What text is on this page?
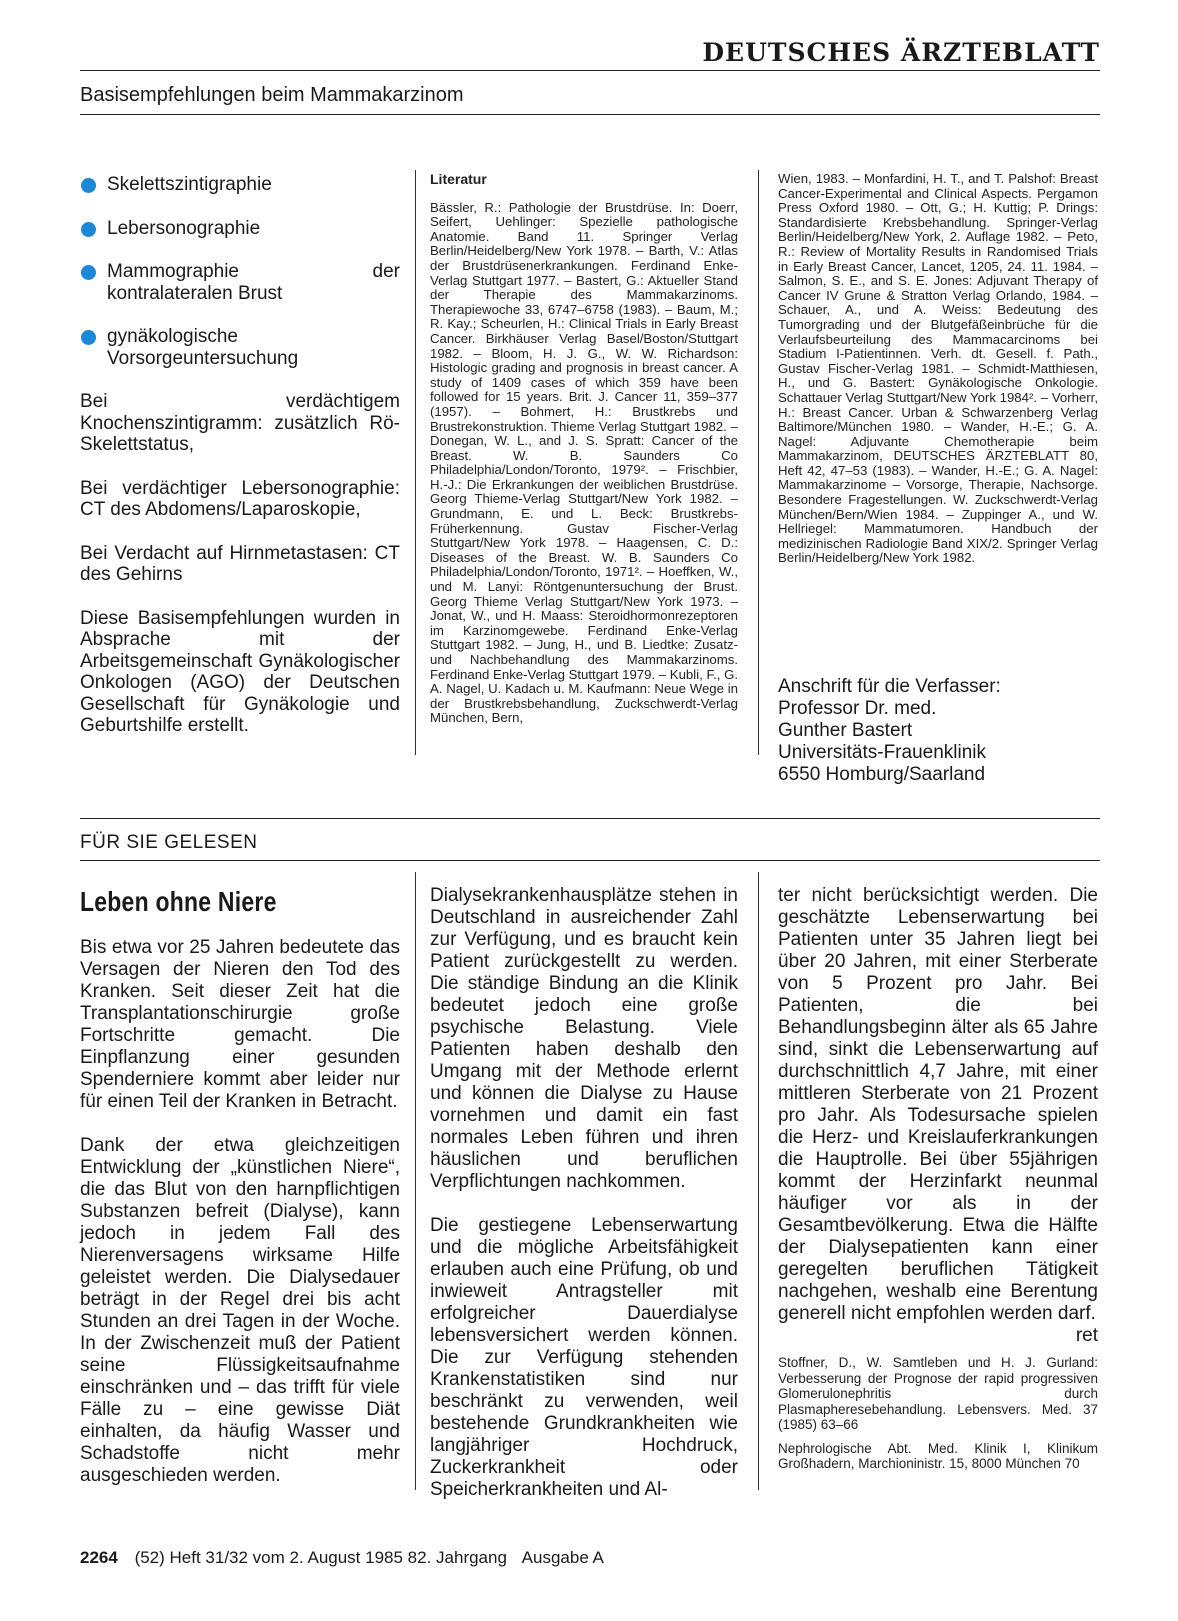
DEUTSCHES ÄRZTEBLATT
Basisempfehlungen beim Mammakarzinom
Skelettszintigraphie
Lebersonographie
Mammographie der kontralateralen Brust
gynäkologische Vorsorgeuntersuchung

Bei verdächtigem Knochenszintigramm: zusätzlich Rö-Skelettstatus,

Bei verdächtiger Lebersonographie: CT des Abdomens/Laparoskopie,

Bei Verdacht auf Hirnmetastasen: CT des Gehirns

Diese Basisempfehlungen wurden in Absprache mit der Arbeitsgemeinschaft Gynäkologischer Onkologen (AGO) der Deutschen Gesellschaft für Gynäkologie und Geburtshilfe erstellt.

Literatur
Bässler, R.: Pathologie der Brustdrüse. In: Doerr, Seifert, Uehlinger: Spezielle pathologische Anatomie. Band 11. Springer Verlag Berlin/Heidelberg/New York 1978. – Barth, V.: Atlas der Brustdrüsenerkrankungen. Ferdinand Enke-Verlag Stuttgart 1977. – Bastert, G.: Aktueller Stand der Therapie des Mammakarzinoms. Therapiewoche 33, 6747–6758 (1983). – Baum, M.; R. Kay.; Scheurlen, H.: Clinical Trials in Early Breast Cancer. Birkhäuser Verlag Basel/Boston/Stuttgart 1982. – Bloom, H. J. G., W. W. Richardson: Histologic grading and prognosis in breast cancer. A study of 1409 cases of which 359 have been followed for 15 years. Brit. J. Cancer 11, 359–377 (1957). – Bohmert, H.: Brustkrebs und Brustrekonstruktion. Thieme Verlag Stuttgart 1982. – Donegan, W. L., and J. S. Spratt: Cancer of the Breast. W. B. Saunders Co Philadelphia/London/Toronto, 1979². – Frischbier, H.-J.: Die Erkrankungen der weiblichen Brustdrüse. Georg Thieme-Verlag Stuttgart/New York 1982. – Grundmann, E. und L. Beck: Brustkrebs-Früherkennung. Gustav Fischer-Verlag Stuttgart/New York 1978. – Haagensen, C. D.: Diseases of the Breast. W. B. Saunders Co Philadelphia/London/Toronto, 1971². – Hoeffken, W., und M. Lanyi: Röntgenuntersuchung der Brust. Georg Thieme Verlag Stuttgart/New York 1973. – Jonat, W., und H. Maass: Steroidhormonrezeptoren im Karzinomgewebe. Ferdinand Enke-Verlag Stuttgart 1982. – Jung, H., und B. Liedtke: Zusatz- und Nachbehandlung des Mammakarzinoms. Ferdinand Enke-Verlag Stuttgart 1979. – Kubli, F., G. A. Nagel, U. Kadach u. M. Kaufmann: Neue Wege in der Brustkrebsbehandlung, Zuckschwerdt-Verlag München, Bern,
Wien, 1983. – Monfardini, H. T., and T. Palshof: Breast Cancer-Experimental and Clinical Aspects. Pergamon Press Oxford 1980. – Ott, G.; H. Kuttig; P. Drings: Standardisierte Krebsbehandlung. Springer-Verlag Berlin/Heidelberg/New York, 2. Auflage 1982. – Peto, R.: Review of Mortality Results in Randomised Trials in Early Breast Cancer, Lancet, 1205, 24. 11. 1984. – Salmon, S. E., and S. E. Jones: Adjuvant Therapy of Cancer IV Grune & Stratton Verlag Orlando, 1984. – Schauer, A., und A. Weiss: Bedeutung des Tumorgrading und der Blutgefäßeinbrüche für die Verlaufsbeurteilung des Mammacarcinoms bei Stadium I-Patientinnen. Verh. dt. Gesell. f. Path., Gustav Fischer-Verlag 1981. – Schmidt-Matthiesen, H., und G. Bastert: Gynäkologische Onkologie. Schattauer Verlag Stuttgart/New York 1984². – Vorherr, H.: Breast Cancer. Urban & Schwarzenberg Verlag Baltimore/München 1980. – Wander, H.-E.; G. A. Nagel: Adjuvante Chemotherapie beim Mammakarzinom, DEUTSCHES ÄRZTEBLATT 80, Heft 42, 47–53 (1983). – Wander, H.-E.; G. A. Nagel: Mammakarzinome – Vorsorge, Therapie, Nachsorge. Besondere Fragestellungen. W. Zuckschwerdt-Verlag München/Bern/Wien 1984. – Zuppinger A., und W. Hellriegel: Mammatumoren. Handbuch der medizinischen Radiologie Band XIX/2. Springer Verlag Berlin/Heidelberg/New York 1982.
Anschrift für die Verfasser:
Professor Dr. med.
Gunther Bastert
Universitäts-Frauenklinik
6550 Homburg/Saarland
FÜR SIE GELESEN
Leben ohne Niere

Bis etwa vor 25 Jahren bedeutete das Versagen der Nieren den Tod des Kranken. Seit dieser Zeit hat die Transplantationschirurgie große Fortschritte gemacht. Die Einpflanzung einer gesunden Spenderniere kommt aber leider nur für einen Teil der Kranken in Betracht.

Dank der etwa gleichzeitigen Entwicklung der „künstlichen Niere“, die das Blut von den harnpflichtigen Substanzen befreit (Dialyse), kann jedoch in jedem Fall des Nierenversagens wirksame Hilfe geleistet werden. Die Dialysedauer beträgt in der Regel drei bis acht Stunden an drei Tagen in der Woche. In der Zwischenzeit muß der Patient seine Flüssigkeitsaufnahme einschränken und – das trifft für viele Fälle zu – eine gewisse Diät einhalten, da häufig Wasser und Schadstoffe nicht mehr ausgeschieden werden.

Dialysekrankenhausplätze stehen in Deutschland in ausreichender Zahl zur Verfügung, und es braucht kein Patient zurückgestellt zu werden. Die ständige Bindung an die Klinik bedeutet jedoch eine große psychische Belastung. Viele Patienten haben deshalb den Umgang mit der Methode erlernt und können die Dialyse zu Hause vornehmen und damit ein fast normales Leben führen und ihren häuslichen und beruflichen Verpflichtungen nachkommen.

Die gestiegene Lebenserwartung und die mögliche Arbeitsfähigkeit erlauben auch eine Prüfung, ob und inwieweit Antragsteller mit erfolgreicher Dauerdialyse lebensversichert werden können. Die zur Verfügung stehenden Krankenstatistiken sind nur beschränkt zu verwenden, weil bestehende Grundkrankheiten wie langjähriger Hochdruck, Zuckerkrankheit oder Speicherkrankheiten und Al-

ter nicht berücksichtigt werden. Die geschätzte Lebenserwartung bei Patienten unter 35 Jahren liegt bei über 20 Jahren, mit einer Sterberate von 5 Prozent pro Jahr. Bei Patienten, die bei Behandlungsbeginn älter als 65 Jahre sind, sinkt die Lebenserwartung auf durchschnittlich 4,7 Jahre, mit einer mittleren Sterberate von 21 Prozent pro Jahr. Als Todesursache spielen die Herz- und Kreislauferkrankungen die Hauptrolle. Bei über 55jährigen kommt der Herzinfarkt neunmal häufiger vor als in der Gesamtbevölkerung. Etwa die Hälfte der Dialysepatienten kann einer geregelten beruflichen Tätigkeit nachgehen, weshalb eine Berentung generell nicht empfohlen werden darf.

ret

Stoffner, D., W. Samtleben und H. J. Gurland: Verbesserung der Prognose der rapid progressiven Glomerulonephritis durch Plasmapheresebehandlung. Lebensvers. Med. 37 (1985) 63–66

Nephrologische Abt. Med. Klinik I, Klinikum Großhadern, Marchioninistr. 15, 8000 München 70

2264 (52) Heft 31/32 vom 2. August 1985 82. Jahrgang Ausgabe A
